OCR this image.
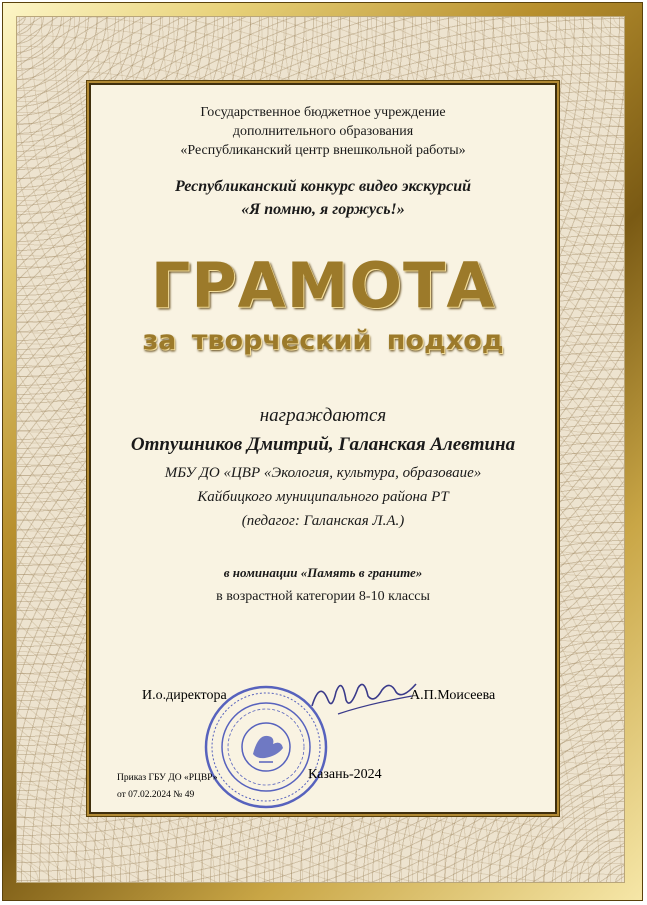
Государственное бюджетное учреждение
дополнительного образования
«Республиканский центр внешкольной работы»
Республиканский конкурс видео экскурсий
«Я помню, я горжусь!»
ГРАМОТА
за творческий подход
награждаются
Отпушников Дмитрий, Галанская Алевтина
МБУ ДО «ЦВР «Экология, культура, образоваие»
Кайбицкого муниципального района РТ
(педагог: Галанская Л.А.)
в номинации «Память в граните»
в возрастной категории 8-10 классы
И.о.директора	А.П.Моисеева
Приказ ГБУ ДО «РЦВР»
от 07.02.2024 № 49
Казань-2024
